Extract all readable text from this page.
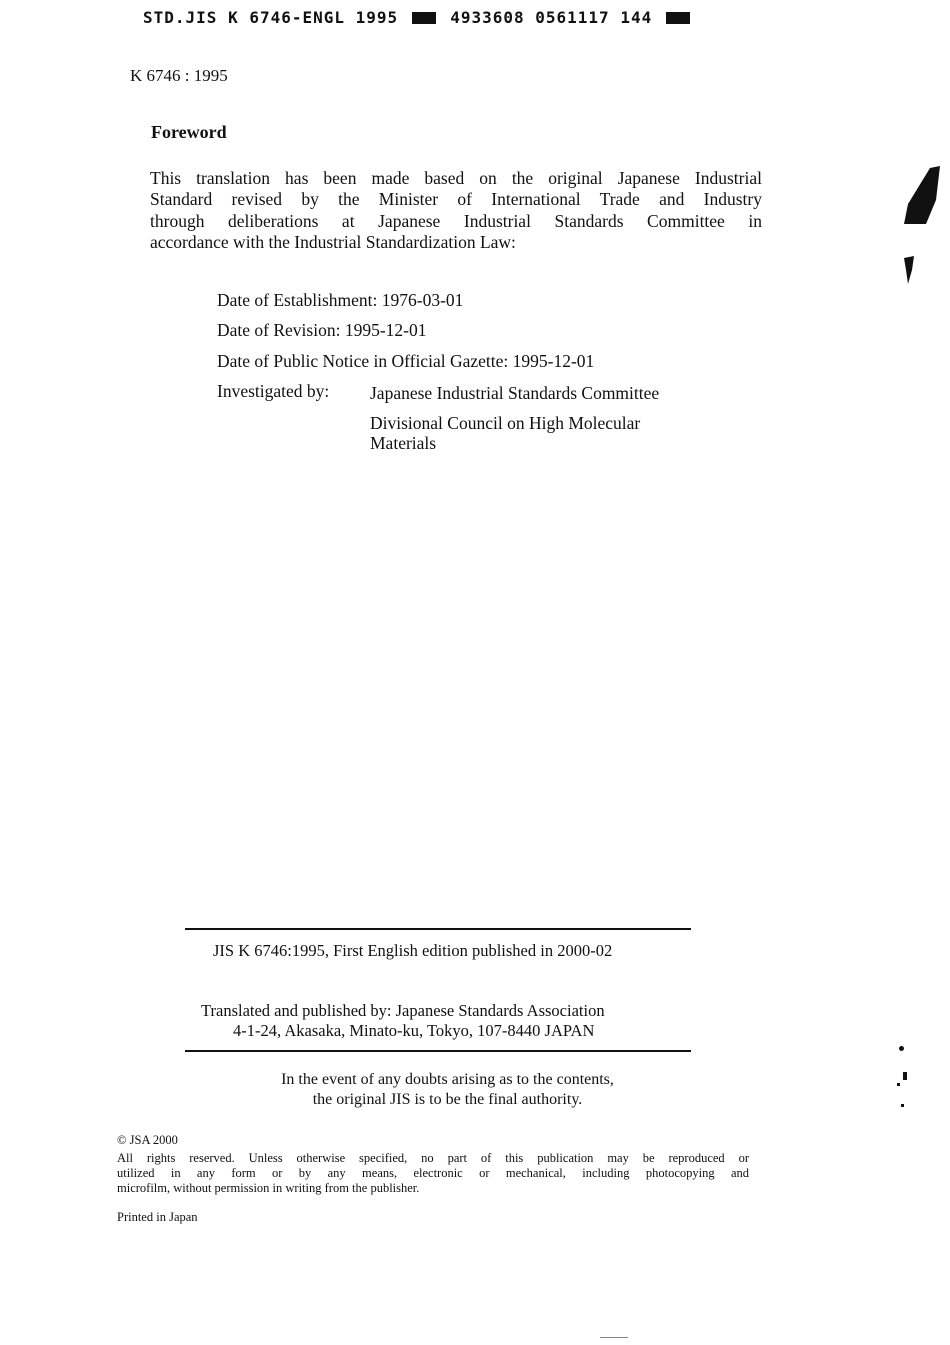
STD.JIS K 6746-ENGL 1995	4933608 0561117 144
K 6746 : 1995
Foreword
This translation has been made based on the original Japanese Industrial
Standard revised by the Minister of International Trade and Industry
through deliberations at Japanese Industrial Standards Committee in
accordance with the Industrial Standardization Law:
Date of Establishment: 1976-03-01
Date of Revision: 1995-12-01
Date of Public Notice in Official Gazette: 1995-12-01
Investigated by: Japanese Industrial Standards Committee
Divisional Council on High Molecular
Materials
JIS K 6746:1995, First English edition published in 2000-02
Translated and published by: Japanese Standards Association
4-1-24, Akasaka, Minato-ku, Tokyo, 107-8440 JAPAN
In the event of any doubts arising as to the contents,
the original JIS is to be the final authority.
© JSA 2000
All rights reserved. Unless otherwise specified, no part of this publication may be reproduced or
utilized in any form or by any means, electronic or mechanical, including photocopying and
microfilm, without permission in writing from the publisher.
Printed in Japan
